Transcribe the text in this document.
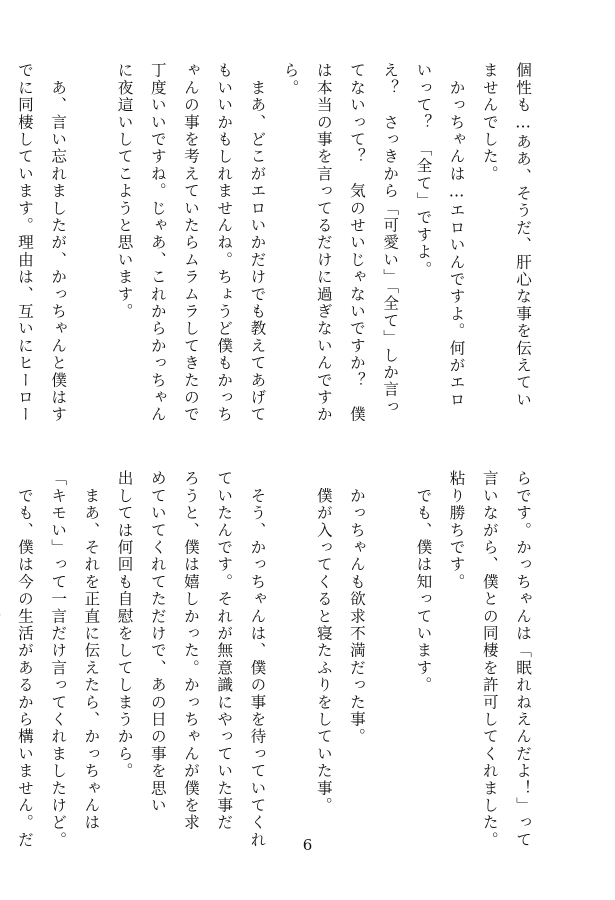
個性も…ああ、そうだ、肝心な事を伝えてい
ませんでした。
　かっちゃんは…エロいんですよ。何がエロ
いって？　「全て」ですよ。
え？　さっきから「可愛い」「全て」しか言っ
てないって？　気のせいじゃないですか？　僕
は本当の事を言ってるだけに過ぎないんですか
ら。
　まあ、どこがエロいかだけでも教えてあげて
もいいかもしれませんね。ちょうど僕もかっち
ゃんの事を考えていたらムラムラしてきたので
丁度いいですね。じゃあ、これからかっちゃん
に夜這いしてこようと思います。

　あ、言い忘れましたが、かっちゃんと僕はす
でに同棲しています。理由は、互いにヒーロー
らです。かっちゃんは「眠れねえんだよ！」って
言いながら、僕との同棲を許可してくれました。
粘り勝ちです。
　でも、僕は知っています。

　かっちゃんも欲求不満だった事。
　僕が入ってくると寝たふりをしていた事。

　そう、かっちゃんは、僕の事を待っていてくれ
ていたんです。それが無意識にやっていた事だ
ろうと、僕は嬉しかった。かっちゃんが僕を求
めていてくれてただけで、あの日の事を思い
出しては何回も自慰をしてしまうから。
　まあ、それを正直に伝えたら、かっちゃんは
「キモい」って一言だけ言ってくれましたけど。
　でも、僕は今の生活があるから構いません。だ	6
